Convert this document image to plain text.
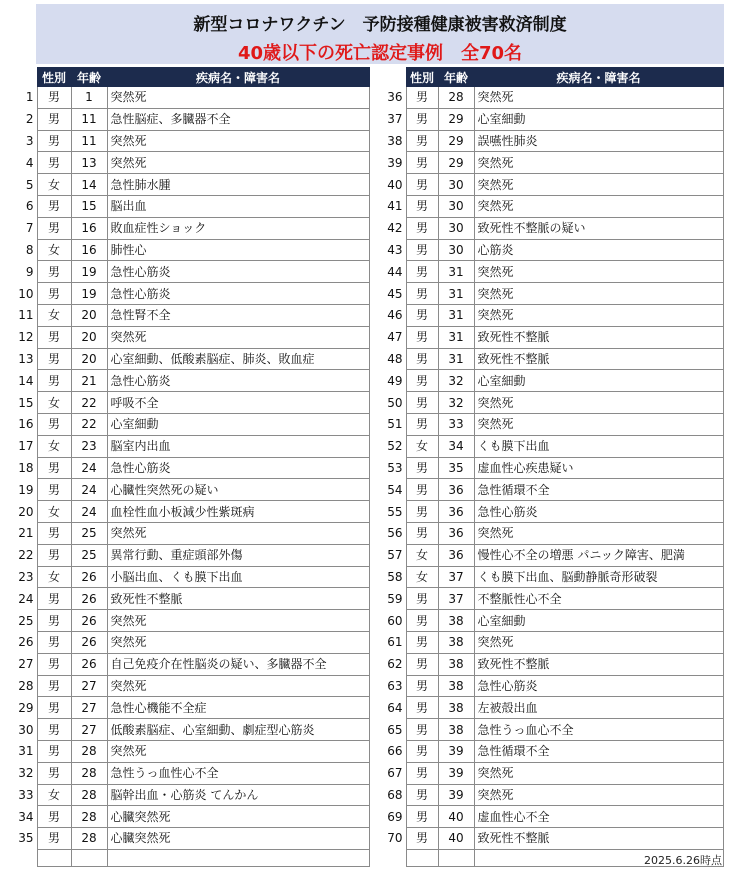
新型コロナワクチン　予防接種健康被害救済制度
40歳以下の死亡認定事例　全70名
	性別	年齢	疾病名・障害名
1	男	1	突然死
2	男	11	急性脳症、多臓器不全
3	男	11	突然死
4	男	13	突然死
5	女	14	急性肺水腫
6	男	15	脳出血
7	男	16	敗血症性ショック
8	女	16	肺性心
9	男	19	急性心筋炎
10	男	19	急性心筋炎
11	女	20	急性腎不全
12	男	20	突然死
13	男	20	心室細動、低酸素脳症、肺炎、敗血症
14	男	21	急性心筋炎
15	女	22	呼吸不全
16	男	22	心室細動
17	女	23	脳室内出血
18	男	24	急性心筋炎
19	男	24	心臓性突然死の疑い
20	女	24	血栓性血小板減少性紫斑病
21	男	25	突然死
22	男	25	異常行動、重症頭部外傷
23	女	26	小脳出血、くも膜下出血
24	男	26	致死性不整脈
25	男	26	突然死
26	男	26	突然死
27	男	26	自己免疫介在性脳炎の疑い、多臓器不全
28	男	27	突然死
29	男	27	急性心機能不全症
30	男	27	低酸素脳症、心室細動、劇症型心筋炎
31	男	28	突然死
32	男	28	急性うっ血性心不全
33	女	28	脳幹出血・心筋炎 てんかん
34	男	28	心臓突然死
35	男	28	心臓突然死

	性別	年齢	疾病名・障害名
36	男	28	突然死
37	男	29	心室細動
38	男	29	誤嚥性肺炎
39	男	29	突然死
40	男	30	突然死
41	男	30	突然死
42	男	30	致死性不整脈の疑い
43	男	30	心筋炎
44	男	31	突然死
45	男	31	突然死
46	男	31	突然死
47	男	31	致死性不整脈
48	男	31	致死性不整脈
49	男	32	心室細動
50	男	32	突然死
51	男	33	突然死
52	女	34	くも膜下出血
53	男	35	虚血性心疾患疑い
54	男	36	急性循環不全
55	男	36	急性心筋炎
56	男	36	突然死
57	女	36	慢性心不全の増悪 パニック障害、肥満
58	女	37	くも膜下出血、脳動静脈奇形破裂
59	男	37	不整脈性心不全
60	男	38	心室細動
61	男	38	突然死
62	男	38	致死性不整脈
63	男	38	急性心筋炎
64	男	38	左被殻出血
65	男	38	急性うっ血心不全
66	男	39	急性循環不全
67	男	39	突然死
68	男	39	突然死
69	男	40	虚血性心不全
70	男	40	致死性不整脈

2025.6.26時点
